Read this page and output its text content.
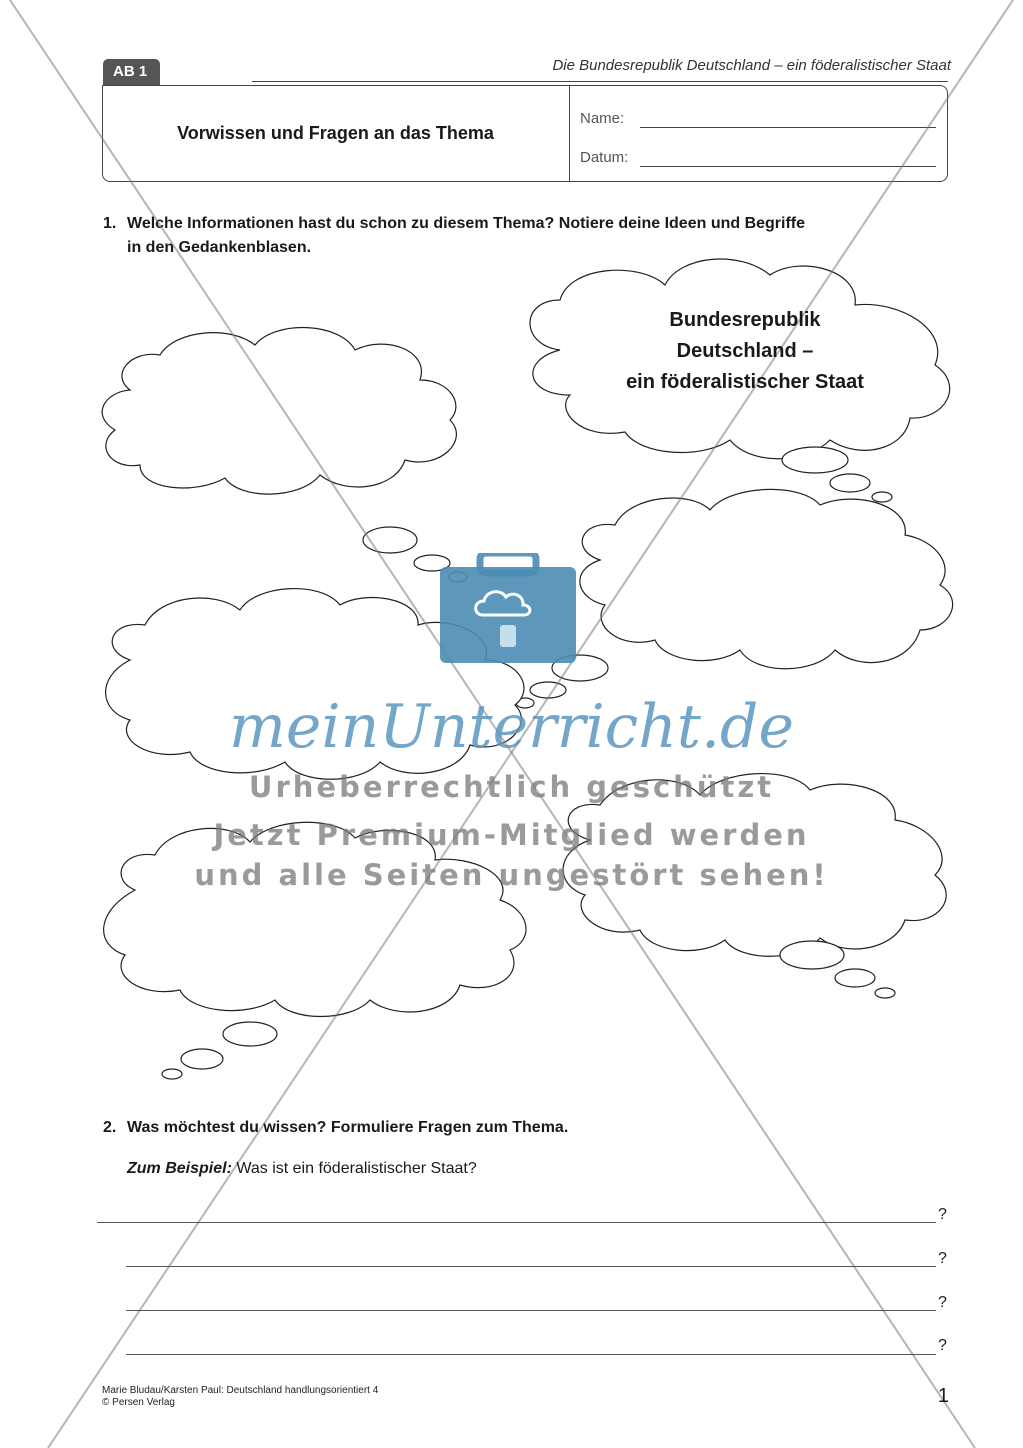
AB 1	Die Bundesrepublik Deutschland – ein föderalistischer Staat
Vorwissen und Fragen an das Thema
Name:
Datum:
1. Welche Informationen hast du schon zu diesem Thema? Notiere deine Ideen und Begriffe
in den Gedankenblasen.
Bundesrepublik
Deutschland –
ein föderalistischer Staat
meinUnterricht.de
Urheberrechtlich geschützt
Jetzt Premium-Mitglied werden
und alle Seiten ungestört sehen!
2. Was möchtest du wissen? Formuliere Fragen zum Thema.
Zum Beispiel: Was ist ein föderalistischer Staat?
?
?
?
?
Marie Bludau/Karsten Paul: Deutschland handlungsorientiert 4
© Persen Verlag	1
